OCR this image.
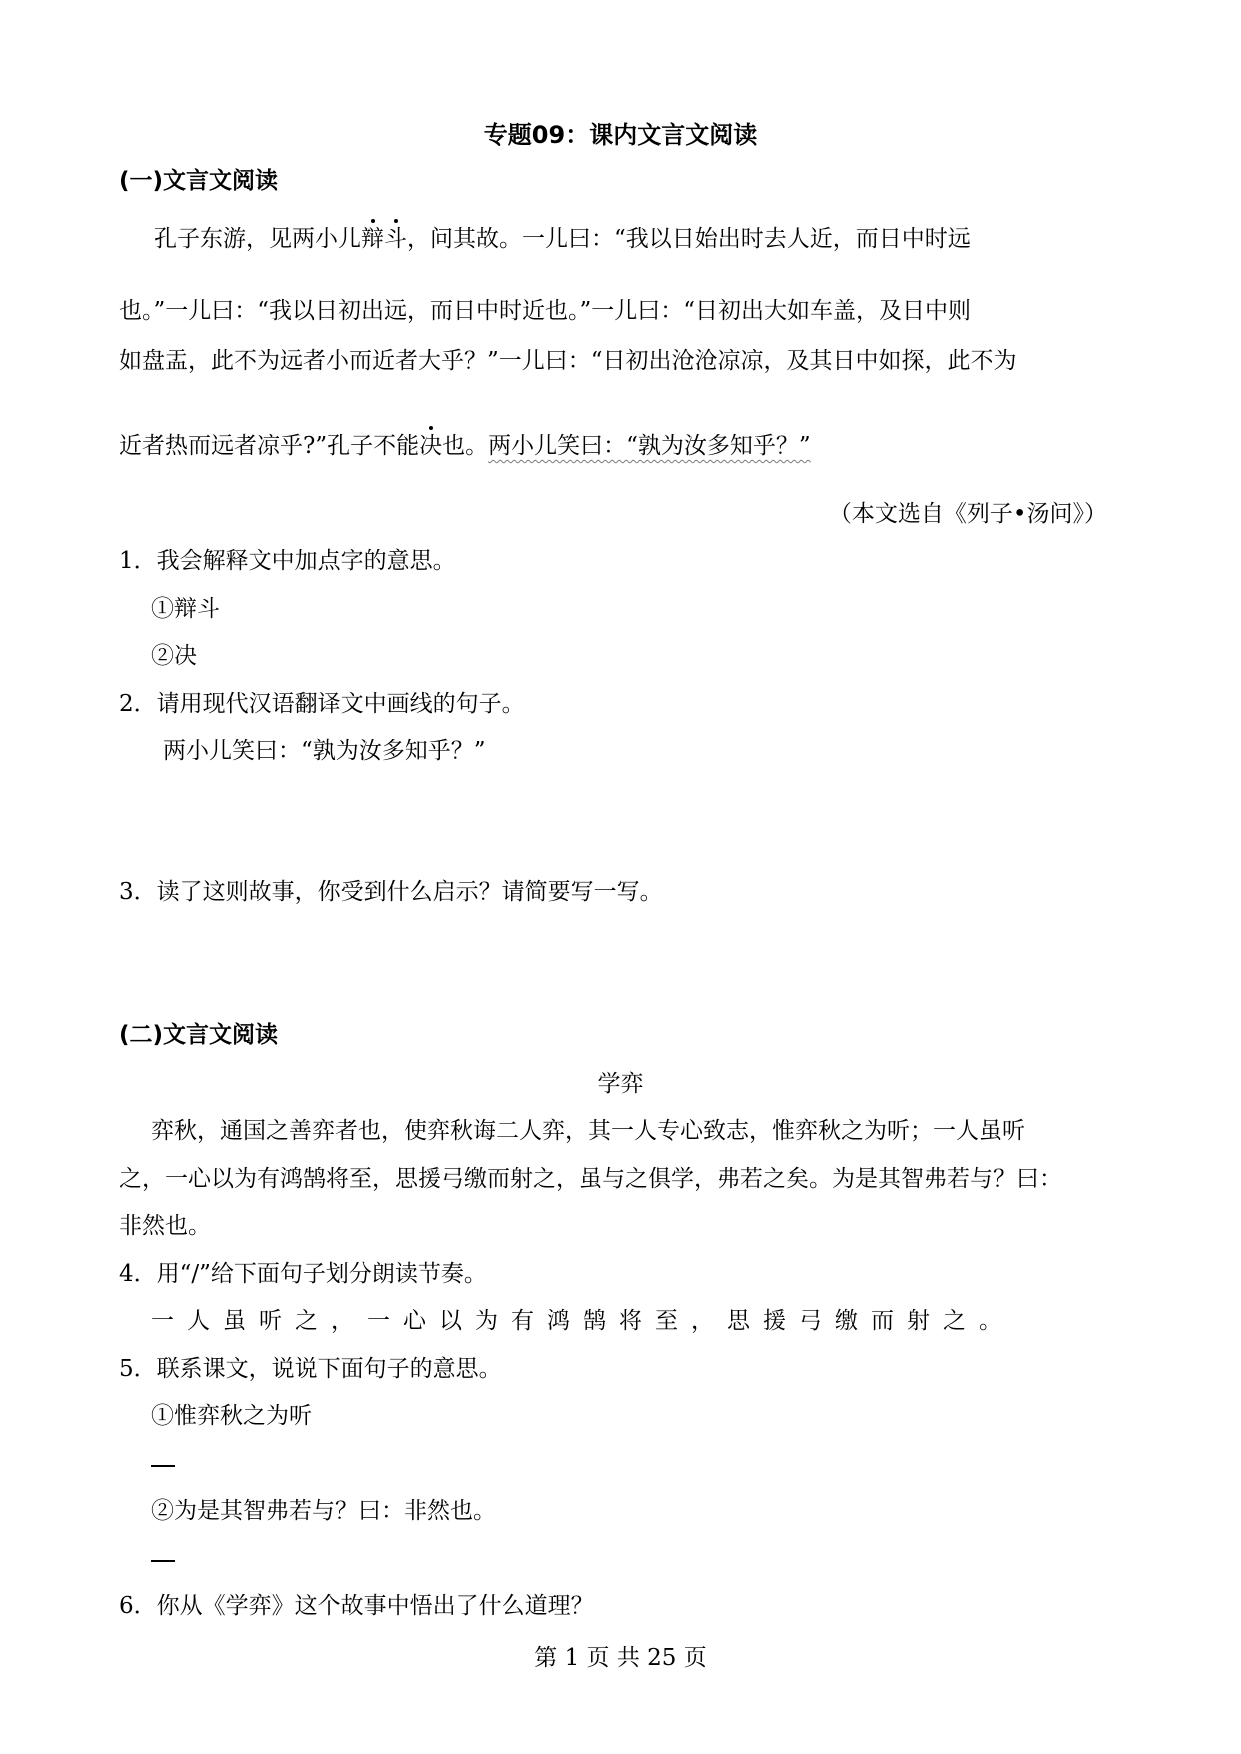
专题09：课内文言文阅读
(一)文言文阅读
孔子东游，见两小儿辩斗，问其故。一儿曰：“我以日始出时去人近，而日中时远
也。”一儿曰：“我以日初出远，而日中时近也。”一儿曰：“日初出大如车盖，及日中则
如盘盂，此不为远者小而近者大乎？”一儿曰：“日初出沧沧凉凉，及其日中如探，此不为
近者热而远者凉乎?”孔子不能决也。两小儿笑曰：“孰为汝多知乎？”
（本文选自《列子•汤问》）
1．我会解释文中加点字的意思。
①辩斗
②决
2．请用现代汉语翻译文中画线的句子。
两小儿笑曰：“孰为汝多知乎？”
3．读了这则故事，你受到什么启示？请简要写一写。
(二)文言文阅读
学弈
弈秋，通国之善弈者也，使弈秋诲二人弈，其一人专心致志，惟弈秋之为听；一人虽听
之，一心以为有鸿鹄将至，思援弓缴而射之，虽与之俱学，弗若之矣。为是其智弗若与？曰：
非然也。
4．用“/”给下面句子划分朗读节奏。
一人虽听之，一心以为有鸿鹄将至，思援弓缴而射之。
5．联系课文，说说下面句子的意思。
①惟弈秋之为听
②为是其智弗若与？曰：非然也。
6．你从《学弈》这个故事中悟出了什么道理？
第 1 页 共 25 页
